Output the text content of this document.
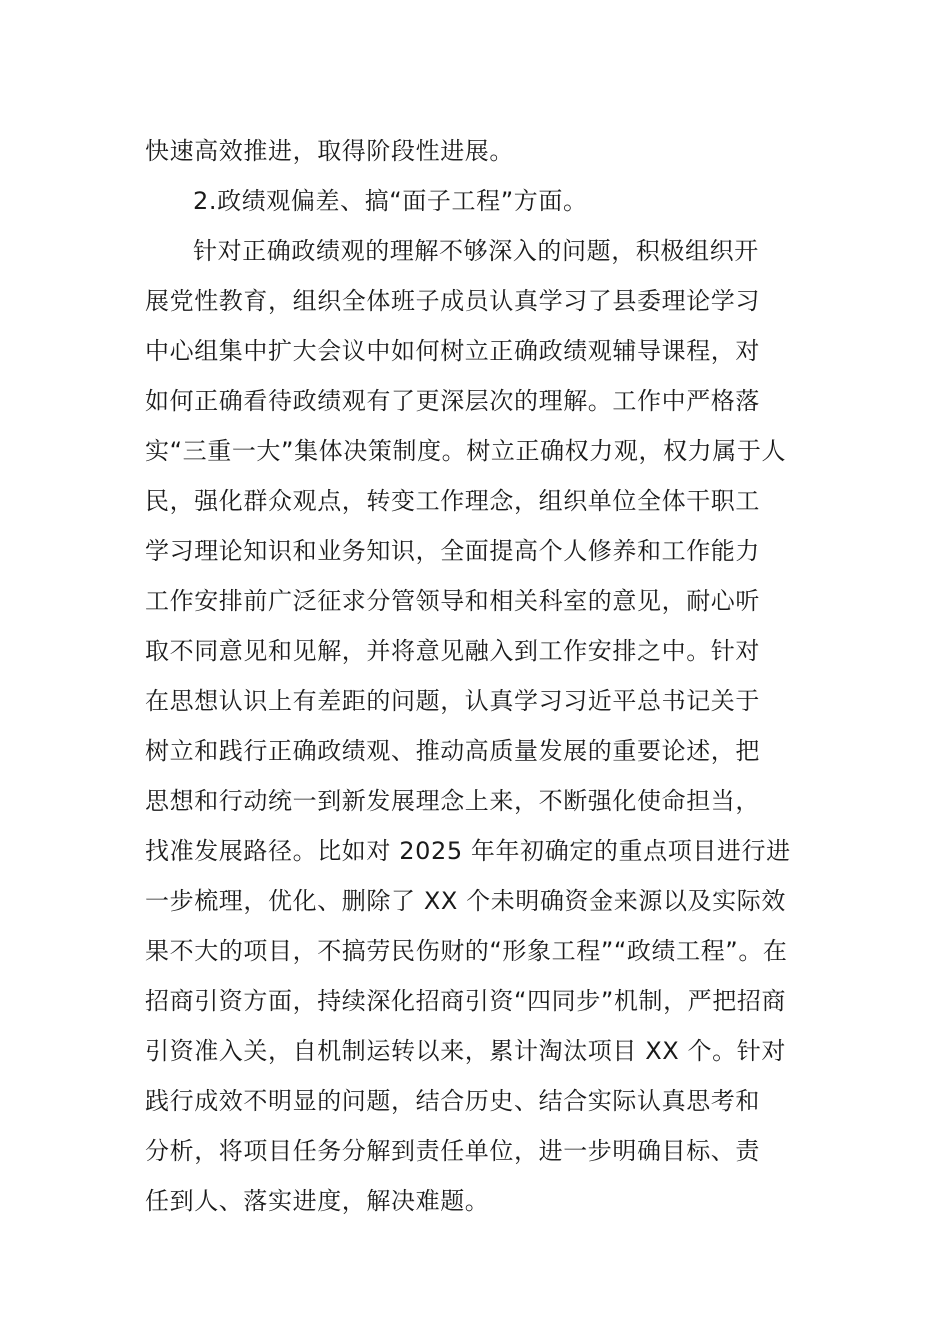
快速高效推进，取得阶段性进展。
2.政绩观偏差、搞“面子工程”方面。
针对正确政绩观的理解不够深入的问题，积极组织开
展党性教育，组织全体班子成员认真学习了县委理论学习
中心组集中扩大会议中如何树立正确政绩观辅导课程，对
如何正确看待政绩观有了更深层次的理解。工作中严格落
实“三重一大”集体决策制度。树立正确权力观，权力属于人
民，强化群众观点，转变工作理念，组织单位全体干职工
学习理论知识和业务知识，全面提高个人修养和工作能力
工作安排前广泛征求分管领导和相关科室的意见，耐心听
取不同意见和见解，并将意见融入到工作安排之中。针对
在思想认识上有差距的问题，认真学习习近平总书记关于
树立和践行正确政绩观、推动高质量发展的重要论述，把
思想和行动统一到新发展理念上来，不断强化使命担当，
找准发展路径。比如对 2025 年年初确定的重点项目进行进
一步梳理，优化、删除了 XX 个未明确资金来源以及实际效
果不大的项目，不搞劳民伤财的“形象工程”“政绩工程”。在
招商引资方面，持续深化招商引资“四同步”机制，严把招商
引资准入关，自机制运转以来，累计淘汰项目 XX 个。针对
践行成效不明显的问题，结合历史、结合实际认真思考和
分析，将项目任务分解到责任单位，进一步明确目标、责
任到人、落实进度，解决难题。
